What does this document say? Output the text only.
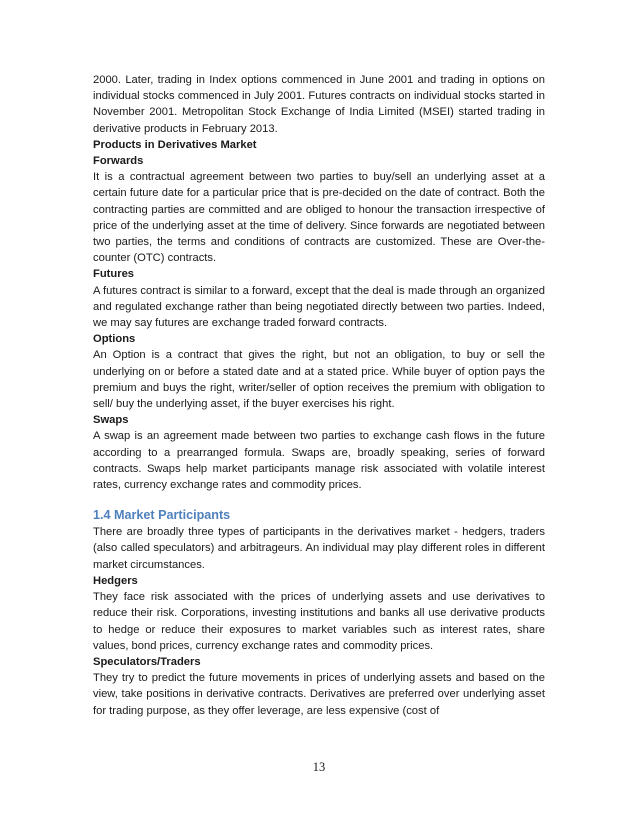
2000. Later, trading in Index options commenced in June 2001 and trading in options on individual stocks commenced in July 2001. Futures contracts on individual stocks started in November 2001. Metropolitan Stock Exchange of India Limited (MSEI) started trading in derivative products in February 2013.

Products in Derivatives Market
Forwards

It is a contractual agreement between two parties to buy/sell an underlying asset at a certain future date for a particular price that is pre-decided on the date of contract. Both the contracting parties are committed and are obliged to honour the transaction irrespective of price of the underlying asset at the time of delivery. Since forwards are negotiated between two parties, the terms and conditions of contracts are customized. These are Over-the-counter (OTC) contracts.

Futures

A futures contract is similar to a forward, except that the deal is made through an organized and regulated exchange rather than being negotiated directly between two parties. Indeed, we may say futures are exchange traded forward contracts.

Options

An Option is a contract that gives the right, but not an obligation, to buy or sell the underlying on or before a stated date and at a stated price. While buyer of option pays the premium and buys the right, writer/seller of option receives the premium with obligation to sell/ buy the underlying asset, if the buyer exercises his right.

Swaps

A swap is an agreement made between two parties to exchange cash flows in the future according to a prearranged formula. Swaps are, broadly speaking, series of forward contracts. Swaps help market participants manage risk associated with volatile interest rates, currency exchange rates and commodity prices.

1.4 Market Participants

There are broadly three types of participants in the derivatives market - hedgers, traders (also called speculators) and arbitrageurs. An individual may play different roles in different market circumstances.

Hedgers

They face risk associated with the prices of underlying assets and use derivatives to reduce their risk. Corporations, investing institutions and banks all use derivative products to hedge or reduce their exposures to market variables such as interest rates, share values, bond prices, currency exchange rates and commodity prices.

Speculators/Traders

They try to predict the future movements in prices of underlying assets and based on the view, take positions in derivative contracts. Derivatives are preferred over underlying asset for trading purpose, as they offer leverage, are less expensive (cost of

13
